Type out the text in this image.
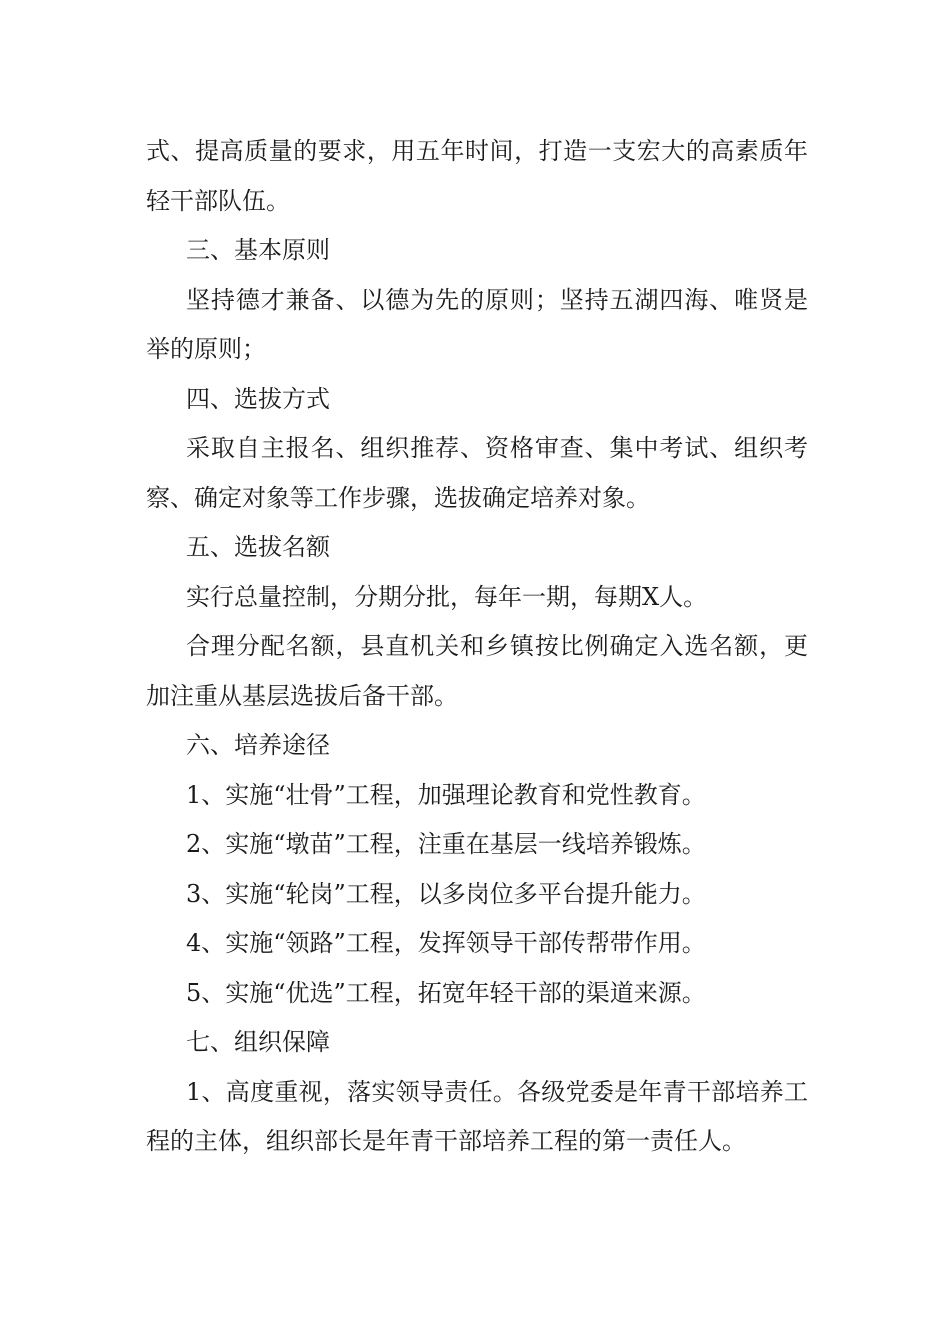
式、提高质量的要求，用五年时间，打造一支宏大的高素质年轻干部队伍。

三、基本原则

坚持德才兼备、以德为先的原则；坚持五湖四海、唯贤是举的原则；

四、选拔方式

采取自主报名、组织推荐、资格审查、集中考试、组织考察、确定对象等工作步骤，选拔确定培养对象。

五、选拔名额

实行总量控制，分期分批，每年一期，每期X人。

合理分配名额，县直机关和乡镇按比例确定入选名额，更加注重从基层选拔后备干部。

六、培养途径

1、实施“壮骨”工程，加强理论教育和党性教育。

2、实施“墩苗”工程，注重在基层一线培养锻炼。

3、实施“轮岗”工程，以多岗位多平台提升能力。

4、实施“领路”工程，发挥领导干部传帮带作用。

5、实施“优选”工程，拓宽年轻干部的渠道来源。

七、组织保障

1、高度重视，落实领导责任。各级党委是年青干部培养工程的主体，组织部长是年青干部培养工程的第一责任人。
